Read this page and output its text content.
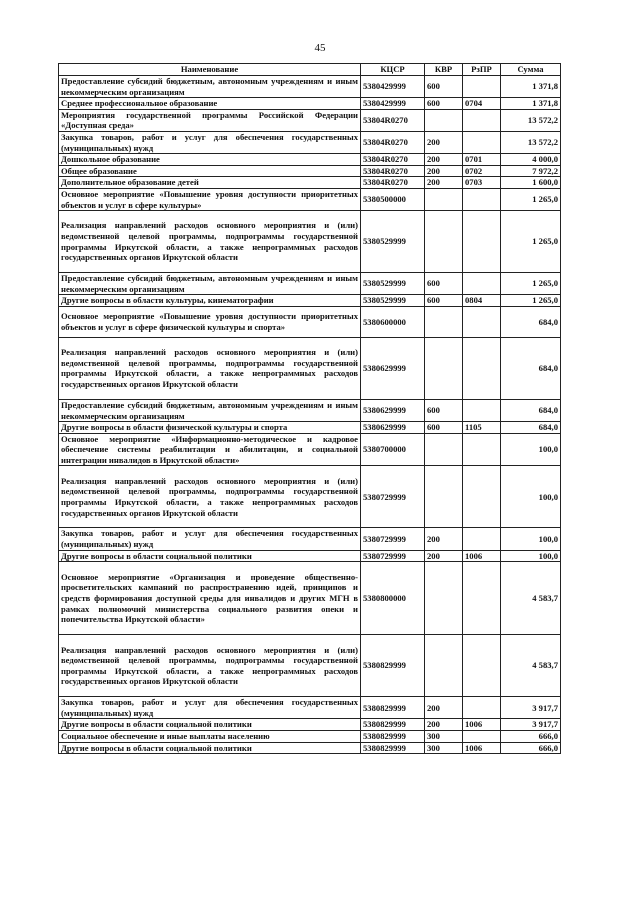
45
Наименование	КЦСР	КВР	РзПР	Сумма
Предоставление субсидий бюджетным, автономным учреждениям и иным некоммерческим организациям	5380429999	600		1 371,8
Среднее профессиональное образование	5380429999	600	0704	1 371,8
Мероприятия государственной программы Российской Федерации «Доступная среда»	53804R0270			13 572,2
Закупка товаров, работ и услуг для обеспечения государственных (муниципальных) нужд	53804R0270	200		13 572,2
Дошкольное образование	53804R0270	200	0701	4 000,0
Общее образование	53804R0270	200	0702	7 972,2
Дополнительное образование детей	53804R0270	200	0703	1 600,0
Основное мероприятие «Повышение уровня доступности приоритетных объектов и услуг в сфере культуры»	5380500000			1 265,0
Реализация направлений расходов основного мероприятия и (или) ведомственной целевой программы, подпрограммы государственной программы Иркутской области, а также непрограммных расходов государственных органов Иркутской области	5380529999			1 265,0
Предоставление субсидий бюджетным, автономным учреждениям и иным некоммерческим организациям	5380529999	600		1 265,0
Другие вопросы в области культуры, кинематографии	5380529999	600	0804	1 265,0
Основное мероприятие «Повышение уровня доступности приоритетных объектов и услуг в сфере физической культуры и спорта»	5380600000			684,0
Реализация направлений расходов основного мероприятия и (или) ведомственной целевой программы, подпрограммы государственной программы Иркутской области, а также непрограммных расходов государственных органов Иркутской области	5380629999			684,0
Предоставление субсидий бюджетным, автономным учреждениям и иным некоммерческим организациям	5380629999	600		684,0
Другие вопросы в области физической культуры и спорта	5380629999	600	1105	684,0
Основное мероприятие «Информационно-методическое и кадровое обеспечение системы реабилитации и абилитации, и социальной интеграции инвалидов в Иркутской области»	5380700000			100,0
Реализация направлений расходов основного мероприятия и (или) ведомственной целевой программы, подпрограммы государственной программы Иркутской области, а также непрограммных расходов государственных органов Иркутской области	5380729999			100,0
Закупка товаров, работ и услуг для обеспечения государственных (муниципальных) нужд	5380729999	200		100,0
Другие вопросы в области социальной политики	5380729999	200	1006	100,0
Основное мероприятие «Организация и проведение общественно-просветительских кампаний по распространению идей, принципов и средств формирования доступной среды для инвалидов и других МГН в рамках полномочий министерства социального развития опеки и попечительства Иркутской области»	5380800000			4 583,7
Реализация направлений расходов основного мероприятия и (или) ведомственной целевой программы, подпрограммы государственной программы Иркутской области, а также непрограммных расходов государственных органов Иркутской области	5380829999			4 583,7
Закупка товаров, работ и услуг для обеспечения государственных (муниципальных) нужд	5380829999	200		3 917,7
Другие вопросы в области социальной политики	5380829999	200	1006	3 917,7
Социальное обеспечение и иные выплаты населению	5380829999	300		666,0
Другие вопросы в области социальной политики	5380829999	300	1006	666,0
